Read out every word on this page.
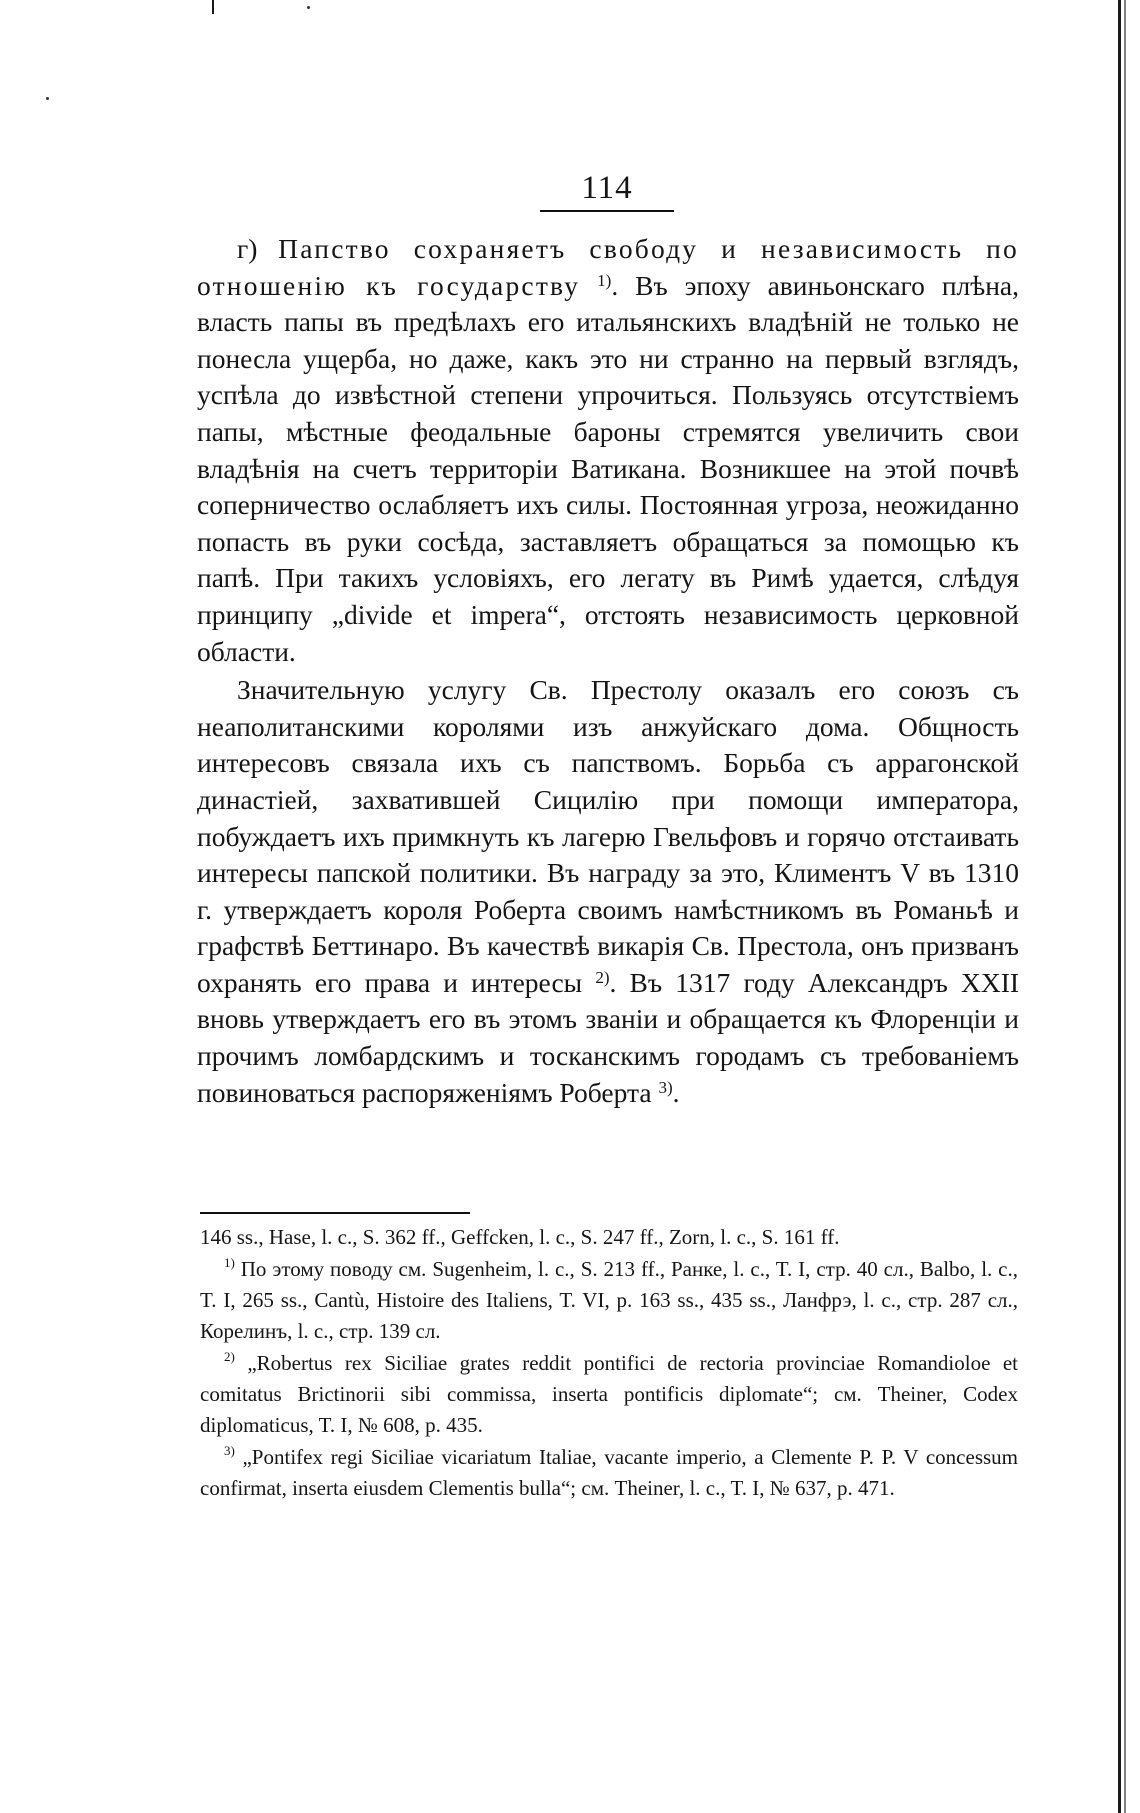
114

г) Папство сохраняетъ свободу и независимость по отношенію къ государству $^{1)}$. Въ эпоху авиньонскаго плѣна, власть папы въ предѣлахъ его итальянскихъ владѣній не только не понесла ущерба, но даже, какъ это ни странно на первый взглядъ, успѣла до извѣстной степени упрочиться. Пользуясь отсутствіемъ папы, мѣстные феодальные бароны стремятся увеличить свои владѣнія на счетъ территоріи Ватикана. Возникшее на этой почвѣ соперничество ослабляетъ ихъ силы. Постоянная угроза, неожиданно попасть въ руки сосѣда, заставляетъ обращаться за помощью къ папѣ. При такихъ условіяхъ, его легату въ Римѣ удается, слѣдуя принципу „divide et impera“, отстоять независимость церковной области.

Значительную услугу Св. Престолу оказалъ его союзъ съ неаполитанскими королями изъ анжуйскаго дома. Общность интересовъ связала ихъ съ папствомъ. Борьба съ аррагонской династіей, захватившей Сицилію при помощи императора, побуждаетъ ихъ примкнуть къ лагерю Гвельфовъ и горячо отстаивать интересы папской политики. Въ награду за это, Климентъ V въ 1310 г. утверждаетъ короля Роберта своимъ намѣстникомъ въ Романьѣ и графствѣ Беттинаро. Въ качествѣ викарія Св. Престола, онъ призванъ охранять его права и интересы $^{2)}$. Въ 1317 году Александръ XXII вновь утверждаетъ его въ этомъ званіи и обращается къ Флоренціи и прочимъ ломбардскимъ и тосканскимъ городамъ съ требованіемъ повиноваться распоряженіямъ Роберта $^{3)}$.

146 ss., Hase, l. c., S. 362 ff., Geffcken, l. c., S. 247 ff., Zorn, l. c., S. 161 ff.

$^{1)}$ По этому поводу см. Sugenheim, l. c., S. 213 ff., Ранке, l. c., T. I, стр. 40 сл., Balbo, l. c., T. I, 265 ss., Cantù, Histoire des Italiens, T. VI, p. 163 ss., 435 ss., Ланфрэ, l. c., стр. 287 сл., Корелинъ, l. c., стр. 139 сл.

$^{2)}$ „Robertus rex Siciliae grates reddit pontifici de rectoria provinciae Romandioloe et comitatus Brictinorii sibi commissa, inserta pontificis diplomate“; см. Theiner, Codex diplomaticus, T. I, № 608, p. 435.

$^{3)}$ „Pontifex regi Siciliae vicariatum Italiae, vacante imperio, a Clemente P. P. V concessum confirmat, inserta eiusdem Clementis bulla“; см. Theiner, l. c., T. I, № 637, p. 471.
